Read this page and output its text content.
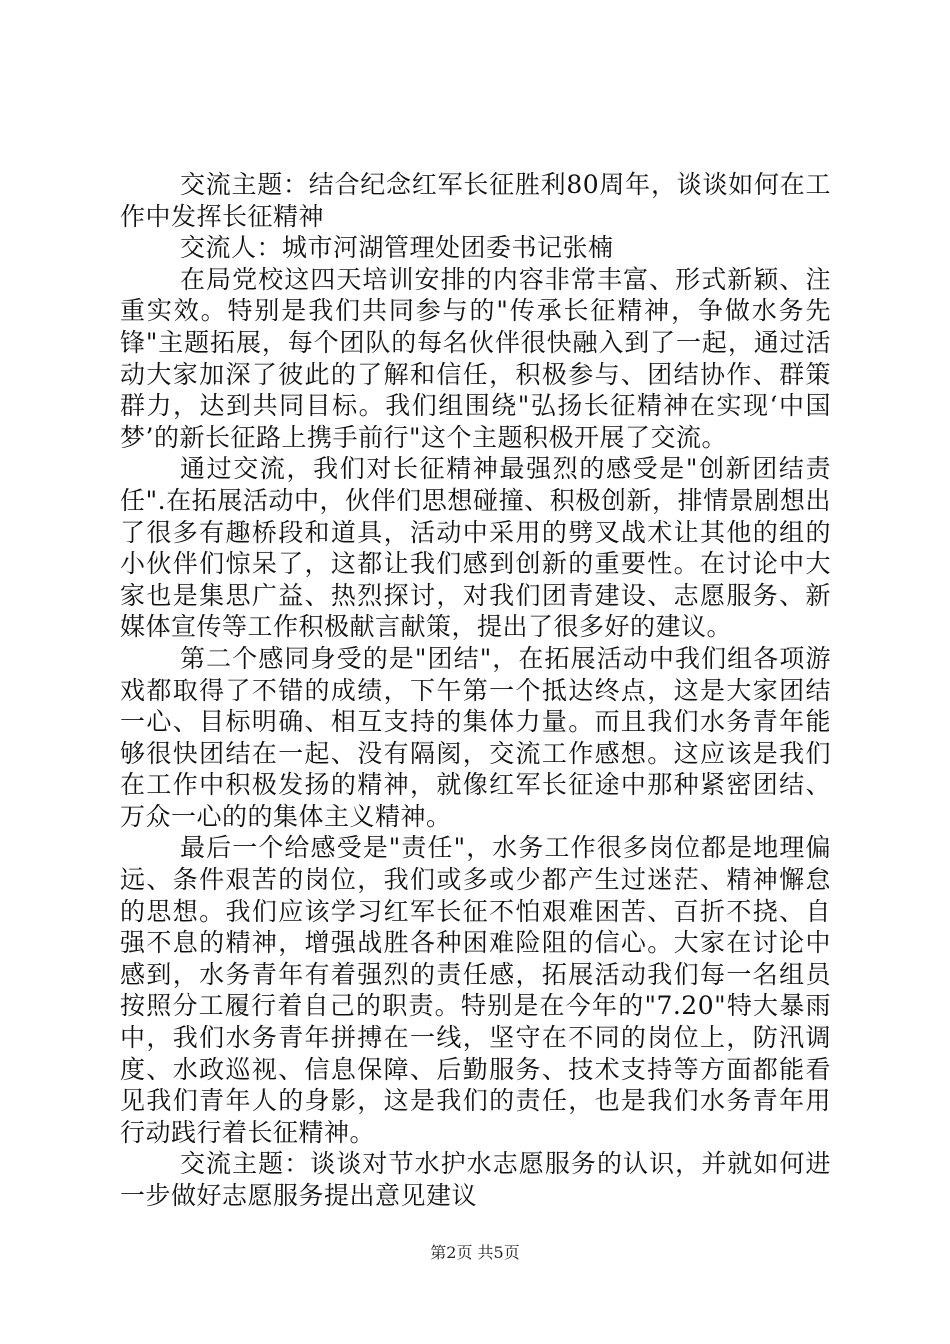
交流主题：结合纪念红军长征胜利80周年，谈谈如何在工作中发挥长征精神

交流人：城市河湖管理处团委书记张楠

在局党校这四天培训安排的内容非常丰富、形式新颖、注重实效。特别是我们共同参与的"传承长征精神，争做水务先锋"主题拓展，每个团队的每名伙伴很快融入到了一起，通过活动大家加深了彼此的了解和信任，积极参与、团结协作、群策群力，达到共同目标。我们组围绕"弘扬长征精神在实现‘中国梦’的新长征路上携手前行"这个主题积极开展了交流。

通过交流，我们对长征精神最强烈的感受是"创新团结责任".在拓展活动中，伙伴们思想碰撞、积极创新，排情景剧想出了很多有趣桥段和道具，活动中采用的劈叉战术让其他的组的小伙伴们惊呆了，这都让我们感到创新的重要性。在讨论中大家也是集思广益、热烈探讨，对我们团青建设、志愿服务、新媒体宣传等工作积极献言献策，提出了很多好的建议。

第二个感同身受的是"团结"，在拓展活动中我们组各项游戏都取得了不错的成绩，下午第一个抵达终点，这是大家团结一心、目标明确、相互支持的集体力量。而且我们水务青年能够很快团结在一起、没有隔阂，交流工作感想。这应该是我们在工作中积极发扬的精神，就像红军长征途中那种紧密团结、万众一心的的集体主义精神。

最后一个给感受是"责任"，水务工作很多岗位都是地理偏远、条件艰苦的岗位，我们或多或少都产生过迷茫、精神懈怠的思想。我们应该学习红军长征不怕艰难困苦、百折不挠、自强不息的精神，增强战胜各种困难险阻的信心。大家在讨论中感到，水务青年有着强烈的责任感，拓展活动我们每一名组员按照分工履行着自己的职责。特别是在今年的"7.20"特大暴雨中，我们水务青年拼搏在一线，坚守在不同的岗位上，防汛调度、水政巡视、信息保障、后勤服务、技术支持等方面都能看见我们青年人的身影，这是我们的责任，也是我们水务青年用行动践行着长征精神。

交流主题：谈谈对节水护水志愿服务的认识，并就如何进一步做好志愿服务提出意见建议

第2页 共5页
